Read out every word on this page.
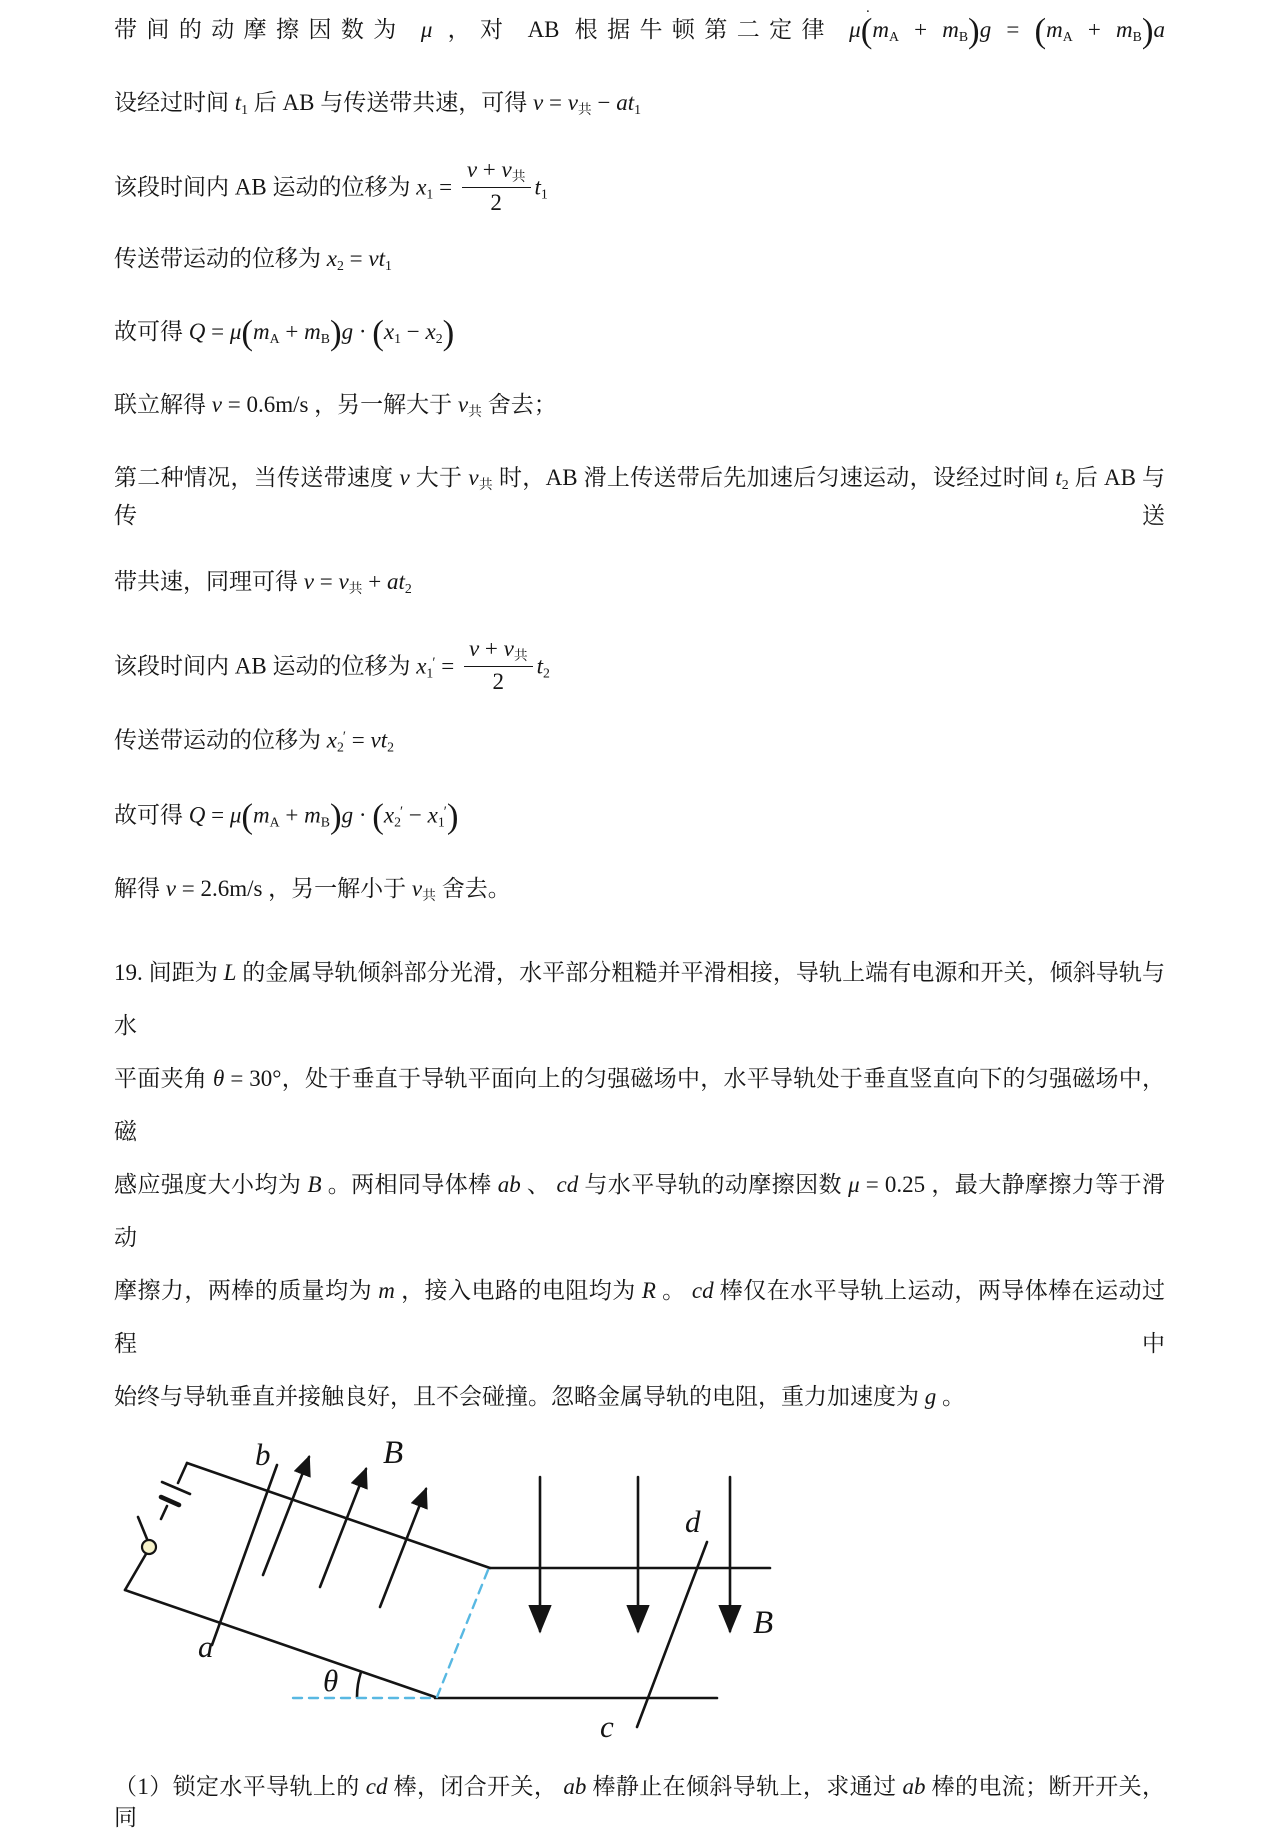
.
带间的动摩擦因数为 μ ，对 AB 根据牛顿第二定律 μ(mA + mB)g = (mA + mB)a
设经过时间 t1 后 AB 与传送带共速，可得 v = v共 − at1
该段时间内 AB 运动的位移为 $x1 = \frac{\text{v + v共}}{2} t1$
传送带运动的位移为 x2 = vt1
故可得 Q = μ(mA + mB)g · (x1 − x2)
联立解得 v = 0.6m/s ，另一解大于 v共 舍去；
第二种情况，当传送带速度 v 大于 v共 时，AB 滑上传送带后先加速后匀速运动，设经过时间 t2 后 AB 与传送
带共速，同理可得 v = v共 + at2
该段时间内 AB 运动的位移为 $x1' = \frac{\text{v + v共}}{2} t2$
传送带运动的位移为 x2′ = vt2
故可得 Q = μ(mA + mB)g · (x2′ − x1′)
解得 v = 2.6m/s ，另一解小于 v共 舍去。
19. 间距为 L 的金属导轨倾斜部分光滑，水平部分粗糙并平滑相接，导轨上端有电源和开关，倾斜导轨与水
平面夹角 θ = 30°，处于垂直于导轨平面向上的匀强磁场中，水平导轨处于垂直竖直向下的匀强磁场中，磁
感应强度大小均为 B 。两相同导体棒 ab 、 cd 与水平导轨的动摩擦因数 μ = 0.25 ，最大静摩擦力等于滑动
摩擦力，两棒的质量均为 m ，接入电路的电阻均为 R 。 cd 棒仅在水平导轨上运动，两导体棒在运动过程中
始终与导轨垂直并接触良好，且不会碰撞。忽略金属导轨的电阻，重力加速度为 g 。
b	B
a
θ
d
c
B
（1）锁定水平导轨上的 cd 棒，闭合开关， ab 棒静止在倾斜导轨上，求通过 ab 棒的电流；断开开关，同
